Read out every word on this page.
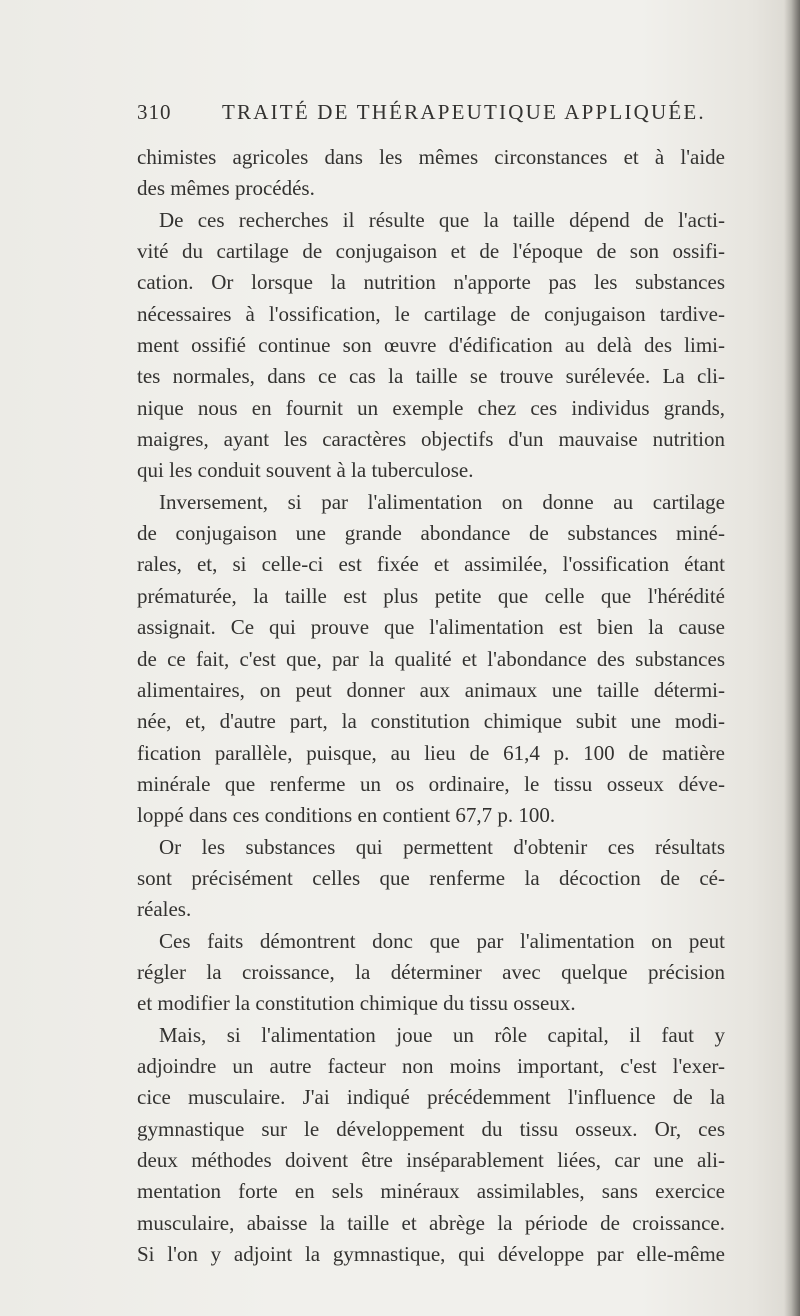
310 TRAITÉ DE THÉRAPEUTIQUE APPLIQUÉE.
chimistes agricoles dans les mêmes circonstances et à l'aide
des mêmes procédés.
De ces recherches il résulte que la taille dépend de l'acti-
vité du cartilage de conjugaison et de l'époque de son ossifi-
cation. Or lorsque la nutrition n'apporte pas les substances
nécessaires à l'ossification, le cartilage de conjugaison tardive-
ment ossifié continue son œuvre d'édification au delà des limi-
tes normales, dans ce cas la taille se trouve surélevée. La cli-
nique nous en fournit un exemple chez ces individus grands,
maigres, ayant les caractères objectifs d'un mauvaise nutrition
qui les conduit souvent à la tuberculose.
Inversement, si par l'alimentation on donne au cartilage
de conjugaison une grande abondance de substances miné-
rales, et, si celle-ci est fixée et assimilée, l'ossification étant
prématurée, la taille est plus petite que celle que l'hérédité
assignait. Ce qui prouve que l'alimentation est bien la cause
de ce fait, c'est que, par la qualité et l'abondance des substances
alimentaires, on peut donner aux animaux une taille détermi-
née, et, d'autre part, la constitution chimique subit une modi-
fication parallèle, puisque, au lieu de 61,4 p. 100 de matière
minérale que renferme un os ordinaire, le tissu osseux déve-
loppé dans ces conditions en contient 67,7 p. 100.
Or les substances qui permettent d'obtenir ces résultats
sont précisément celles que renferme la décoction de cé-
réales.
Ces faits démontrent donc que par l'alimentation on peut
régler la croissance, la déterminer avec quelque précision
et modifier la constitution chimique du tissu osseux.
Mais, si l'alimentation joue un rôle capital, il faut y
adjoindre un autre facteur non moins important, c'est l'exer-
cice musculaire. J'ai indiqué précédemment l'influence de la
gymnastique sur le développement du tissu osseux. Or, ces
deux méthodes doivent être inséparablement liées, car une ali-
mentation forte en sels minéraux assimilables, sans exercice
musculaire, abaisse la taille et abrège la période de croissance.
Si l'on y adjoint la gymnastique, qui développe par elle-même
